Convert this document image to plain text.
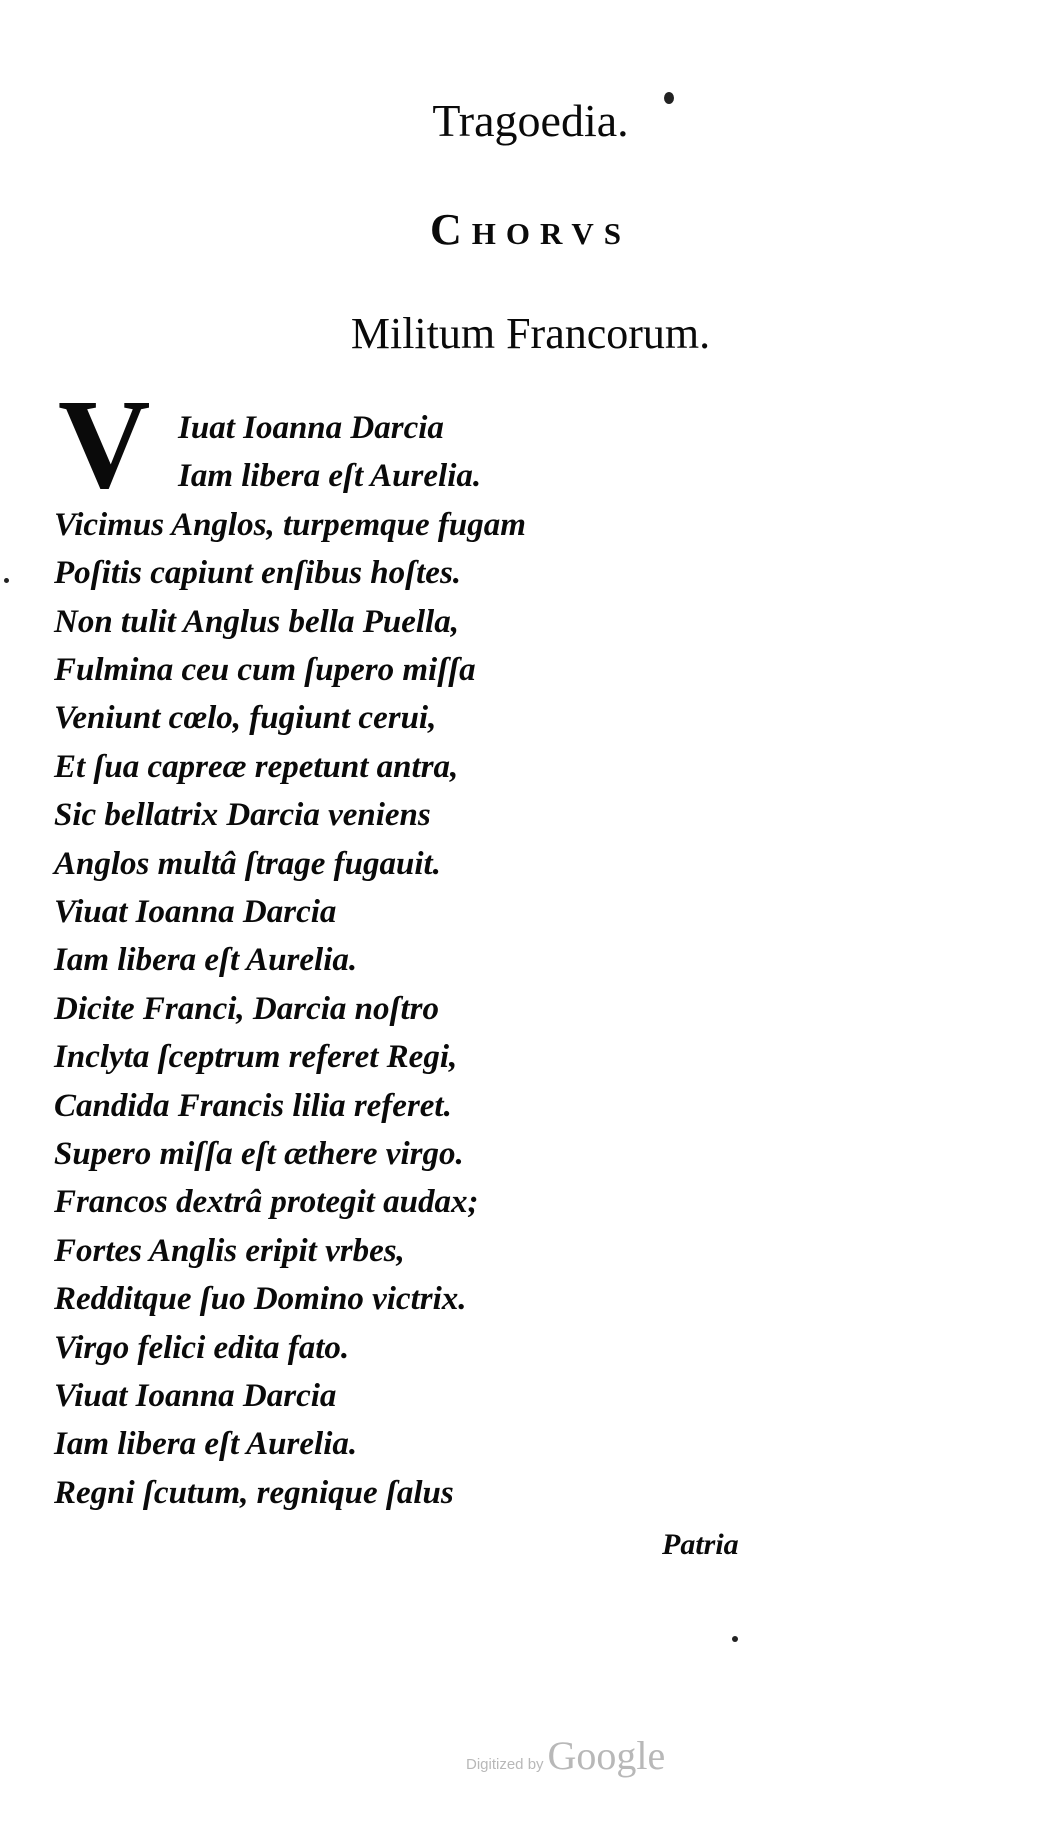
Tragoedia.
Chorvs
Militum Francorum.
V Iuat Ioanna Darcia
Iam libera eſt Aurelia.
Vicimus Anglos, turpemque fugam
Poſitis capiunt enſibus hoſtes.
Non tulit Anglus bella Puella,
Fulmina ceu cum ſupero miſſa
Veniunt cœlo, fugiunt cerui,
Et ſua capreæ repetunt antra,
Sic bellatrix Darcia veniens
Anglos multâ ſtrage fugauit.
Viuat Ioanna Darcia
Iam libera eſt Aurelia.
Dicite Franci, Darcia noſtro
Inclyta ſceptrum referet Regi,
Candida Francis lilia referet.
Supero miſſa eſt æthere virgo.
Francos dextrâ protegit audax;
Fortes Anglis eripit vrbes,
Redditque ſuo Domino victrix.
Virgo felici edita fato.
Viuat Ioanna Darcia
Iam libera eſt Aurelia.
Regni ſcutum, regnique ſalus
Patria
Digitized by Google
